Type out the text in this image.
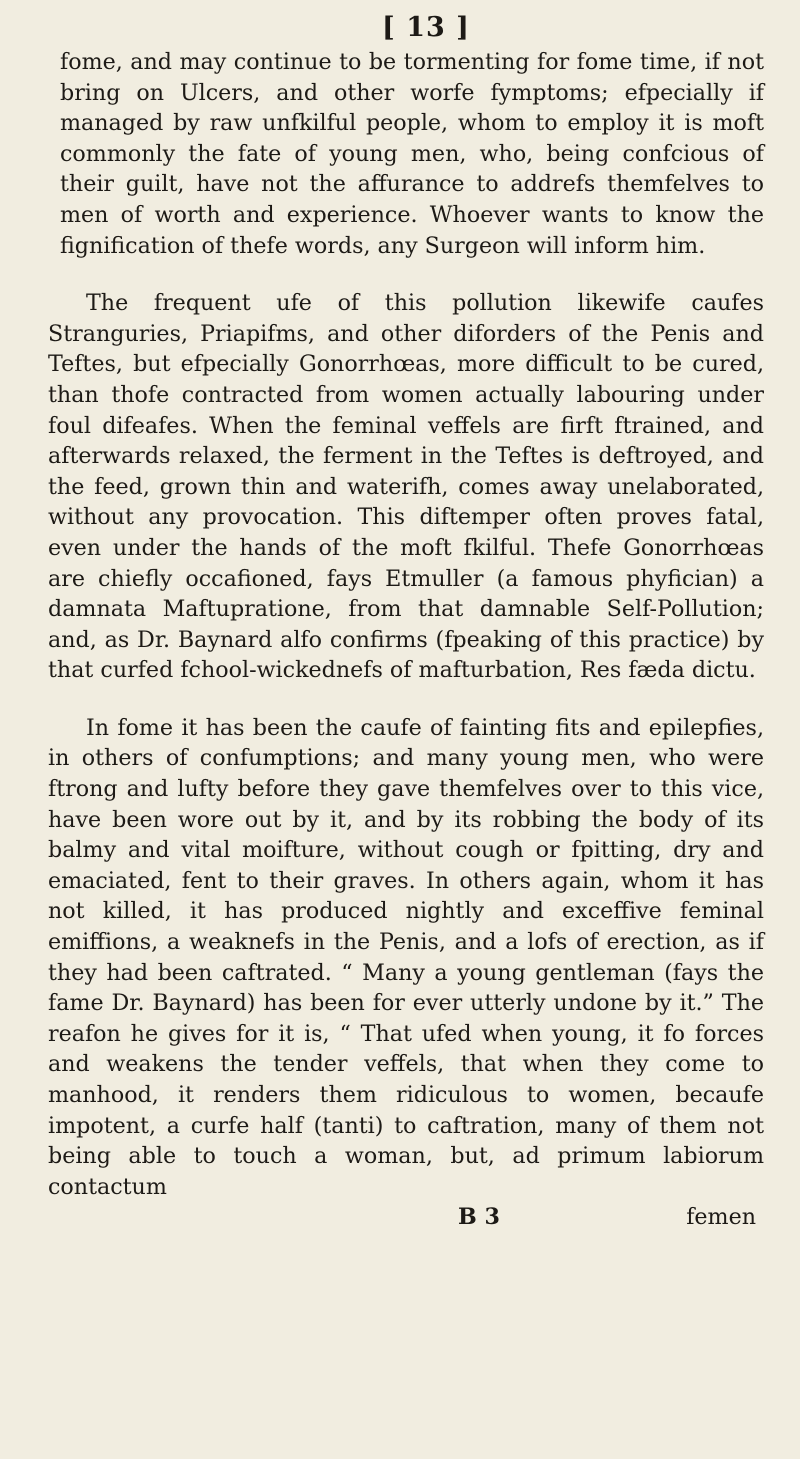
[ 13 ]

fome, and may continue to be tormenting for fome time, if not bring on Ulcers, and other worfe fymptoms; efpecially if managed by raw unfkilful people, whom to employ it is moft commonly the fate of young men, who, being confcious of their guilt, have not the affurance to addrefs themfelves to men of worth and experience. Whoever wants to know the fignification of thefe words, any Surgeon will inform him.

The frequent ufe of this pollution likewife caufes Stranguries, Priapifms, and other diforders of the Penis and Teftes, but efpecially Gonorrhœas, more difficult to be cured, than thofe contracted from women actually labouring under foul difeafes. When the feminal veffels are firft ftrained, and afterwards relaxed, the ferment in the Teftes is deftroyed, and the feed, grown thin and waterifh, comes away unelaborated, without any provocation. This diftemper often proves fatal, even under the hands of the moft fkilful. Thefe Gonorrhœas are chiefly occafioned, fays Etmuller (a famous phyfician) a damnata Maftupratione, from that damnable Self-Pollution; and, as Dr. Baynard alfo confirms (fpeaking of this practice) by that curfed fchool-wickednefs of mafturbation, Res fæda dictu.

In fome it has been the caufe of fainting fits and epilepfies, in others of confumptions; and many young men, who were ftrong and lufty before they gave themfelves over to this vice, have been wore out by it, and by its robbing the body of its balmy and vital moifture, without cough or fpitting, dry and emaciated, fent to their graves. In others again, whom it has not killed, it has produced nightly and exceffive feminal emiffions, a weaknefs in the Penis, and a lofs of erection, as if they had been caftrated. “ Many a young gentleman (fays the fame Dr. Baynard) has been for ever utterly undone by it.” The reafon he gives for it is, “ That ufed when young, it fo forces and weakens the tender veffels, that when they come to manhood, it renders them ridiculous to women, becaufe impotent, a curfe half (tanti) to caftration, many of them not being able to touch a woman, but, ad primum labiorum contactum

B 3	femen
